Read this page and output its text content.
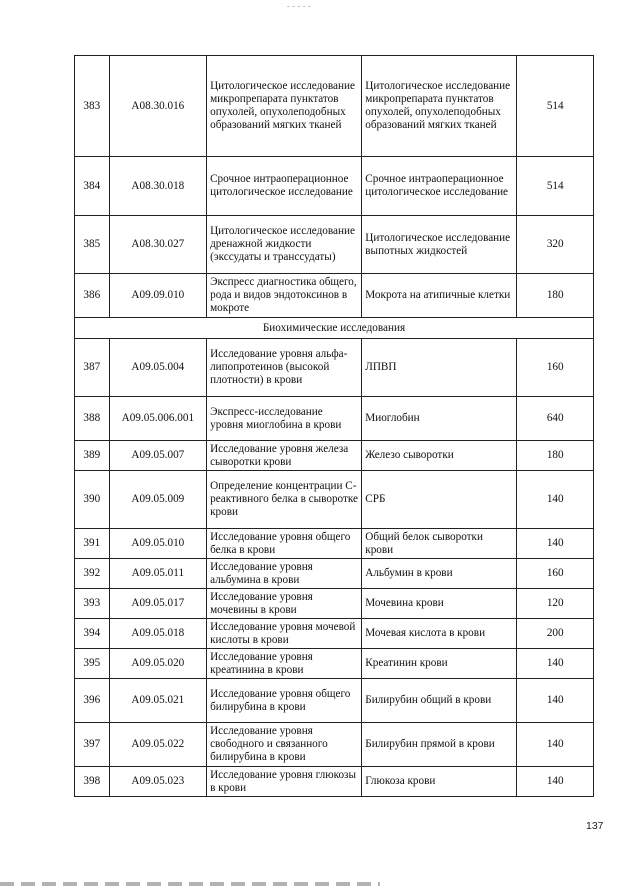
383	A08.30.016	Цитологическое исследование микропрепарата пунктатов опухолей, опухолеподобных образований мягких тканей	Цитологическое исследование микропрепарата пунктатов опухолей, опухолеподобных образований мягких тканей	514
384	A08.30.018	Срочное интраоперационное цитологическое исследование	Срочное интраоперационное цитологическое исследование	514
385	A08.30.027	Цитологическое исследование дренажной жидкости (экссудаты и транссудаты)	Цитологическое исследование выпотных жидкостей	320
386	A09.09.010	Экспресс диагностика общего, рода и видов эндотоксинов в мокроте	Мокрота на атипичные клетки	180
Биохимические исследования				
387	A09.05.004	Исследование уровня альфа-липопротеинов (высокой плотности) в крови	ЛПВП	160
388	A09.05.006.001	Экспресс-исследование уровня миоглобина в крови	Миоглобин	640
389	A09.05.007	Исследование уровня железа сыворотки крови	Железо сыворотки	180
390	A09.05.009	Определение концентрации С-реактивного белка в сыворотке крови	СРБ	140
391	A09.05.010	Исследование уровня общего белка в крови	Общий белок сыворотки крови	140
392	A09.05.011	Исследование уровня альбумина в крови	Альбумин в крови	160
393	A09.05.017	Исследование уровня мочевины в крови	Мочевина крови	120
394	A09.05.018	Исследование уровня мочевой кислоты в крови	Мочевая кислота в крови	200
395	A09.05.020	Исследование уровня креатинина в крови	Креатинин крови	140
396	A09.05.021	Исследование уровня общего билирубина в крови	Билирубин общий в крови	140
397	A09.05.022	Исследование уровня свободного и связанного билирубина в крови	Билирубин прямой в крови	140
398	A09.05.023	Исследование уровня глюкозы в крови	Глюкоза крови	140
137
